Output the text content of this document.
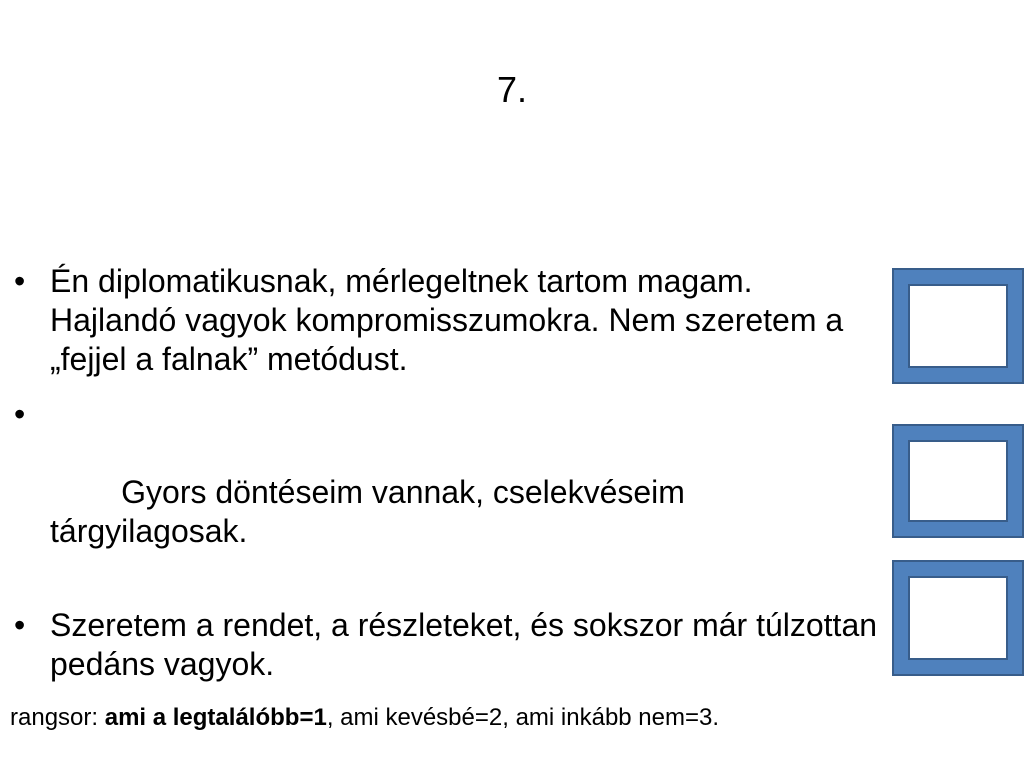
7.
• Én diplomatikusnak, mérlegeltnek tartom magam. Hajlandó vagyok kompromisszumokra. Nem szeretem a „fejjel a falnak” metódust.

•

Gyors döntéseim vannak, cselekvéseim tárgyilagosak.

• Szeretem a rendet, a részleteket, és sokszor már túlzottan pedáns vagyok.
rangsor: ami a legtalálóbb=1, ami kevésbé=2, ami inkább nem=3.
